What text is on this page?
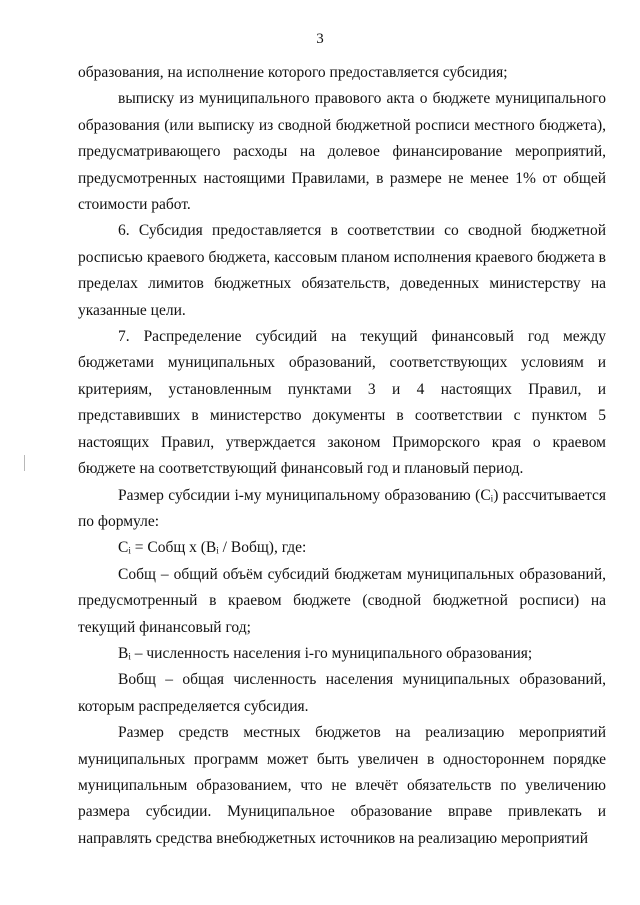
3

образования, на исполнение которого предоставляется субсидия;

выписку из муниципального правового акта о бюджете муниципального образования (или выписку из сводной бюджетной росписи местного бюджета), предусматривающего расходы на долевое финансирование мероприятий, предусмотренных настоящими Правилами, в размере не менее 1% от общей стоимости работ.

6. Субсидия предоставляется в соответствии со сводной бюджетной росписью краевого бюджета, кассовым планом исполнения краевого бюджета в пределах лимитов бюджетных обязательств, доведенных министерству на указанные цели.

7. Распределение субсидий на текущий финансовый год между бюджетами муниципальных образований, соответствующих условиям и критериям, установленным пунктами 3 и 4 настоящих Правил, и представивших в министерство документы в соответствии с пунктом 5 настоящих Правил, утверждается законом Приморского края о краевом бюджете на соответствующий финансовый год и плановый период.

Размер субсидии i-му муниципальному образованию (Cᵢ) рассчитывается по формуле:

Cᵢ = Cобщ x (Bᵢ / Bобщ), где:

Cобщ – общий объём субсидий бюджетам муниципальных образований, предусмотренный в краевом бюджете (сводной бюджетной росписи) на текущий финансовый год;

Bᵢ – численность населения i-го муниципального образования;

Bобщ – общая численность населения муниципальных образований, которым распределяется субсидия.

Размер средств местных бюджетов на реализацию мероприятий муниципальных программ может быть увеличен в одностороннем порядке муниципальным образованием, что не влечёт обязательств по увеличению размера субсидии. Муниципальное образование вправе привлекать и направлять средства внебюджетных источников на реализацию мероприятий
